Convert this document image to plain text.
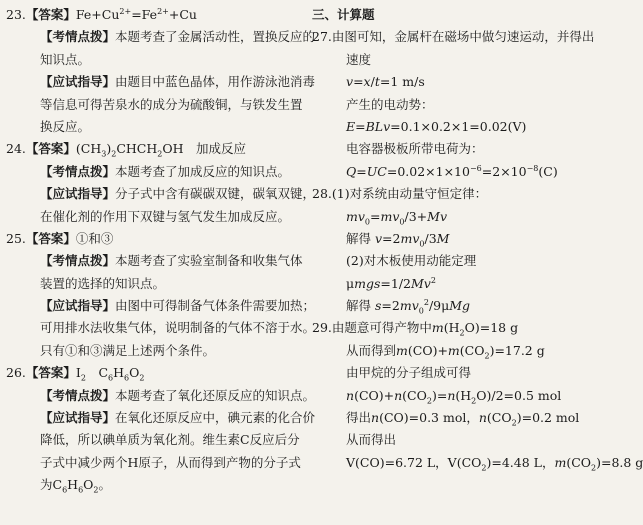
23.【答案】$Fe+Cu^{2+}=Fe^{2+}+Cu$
【考情点拨】本题考查了金属活动性，置换反应的
知识点。
【应试指导】由题目中蓝色晶体，用作游泳池消毒
等信息可得苦泉水的成分为硫酸铜，与铁发生置
换反应。
24.【答案】$(CH_3)_2CHCH_2OH$　加成反应
【考情点拨】本题考查了加成反应的知识点。
【应试指导】分子式中含有碳碳双键，碳氧双键，
在催化剂的作用下双键与氢气发生加成反应。
25.【答案】①和③
【考情点拨】本题考查了实验室制备和收集气体
装置的选择的知识点。
【应试指导】由图中可得制备气体条件需要加热；
可用排水法收集气体，说明制备的气体不溶于水。
只有①和③满足上述两个条件。
26.【答案】$I_2$　$C_6H_6O_2$
【考情点拨】本题考查了氧化还原反应的知识点。
【应试指导】在氧化还原反应中，碘元素的化合价
降低，所以碘单质为氧化剂。维生素C反应后分
子式中减少两个H原子，从而得到产物的分子式
为$C_6H_6O_2$。
三、计算题
27.由图可知，金属杆在磁场中做匀速运动，并得出
速度
v=x/t=1 m/s
产生的电动势：
E=BLv=0.1×0.2×1=0.02(V)
电容器极板所带电荷为：
$Q=UC=0.02\times 1\times 10^{-6}=2\times 10^{-8}(C)$
28.(1)对系统由动量守恒定律：
$mv_0=mv_0/3+Mv$
解得 $v=2mv_0/3M$
(2)对木板使用动能定理
$\mu mgs=1/2Mv^2$
解得 $s=2mv_0^2/9\mu Mg$
29.由题意可得产物中$m(H_2O)=18$ g
从而得到$m(CO)+m(CO_2)=17.2$ g
由甲烷的分子组成可得
$n(CO)+n(CO_2)=n(H_2O)/2=0.5$ mol
得出n(CO)=0.3 mol，$n(CO_2)=0.2$ mol
从而得出
V(CO)=6.72 L，$V(CO_2)=4.48$ L，$m(CO_2)=8.8$ g
